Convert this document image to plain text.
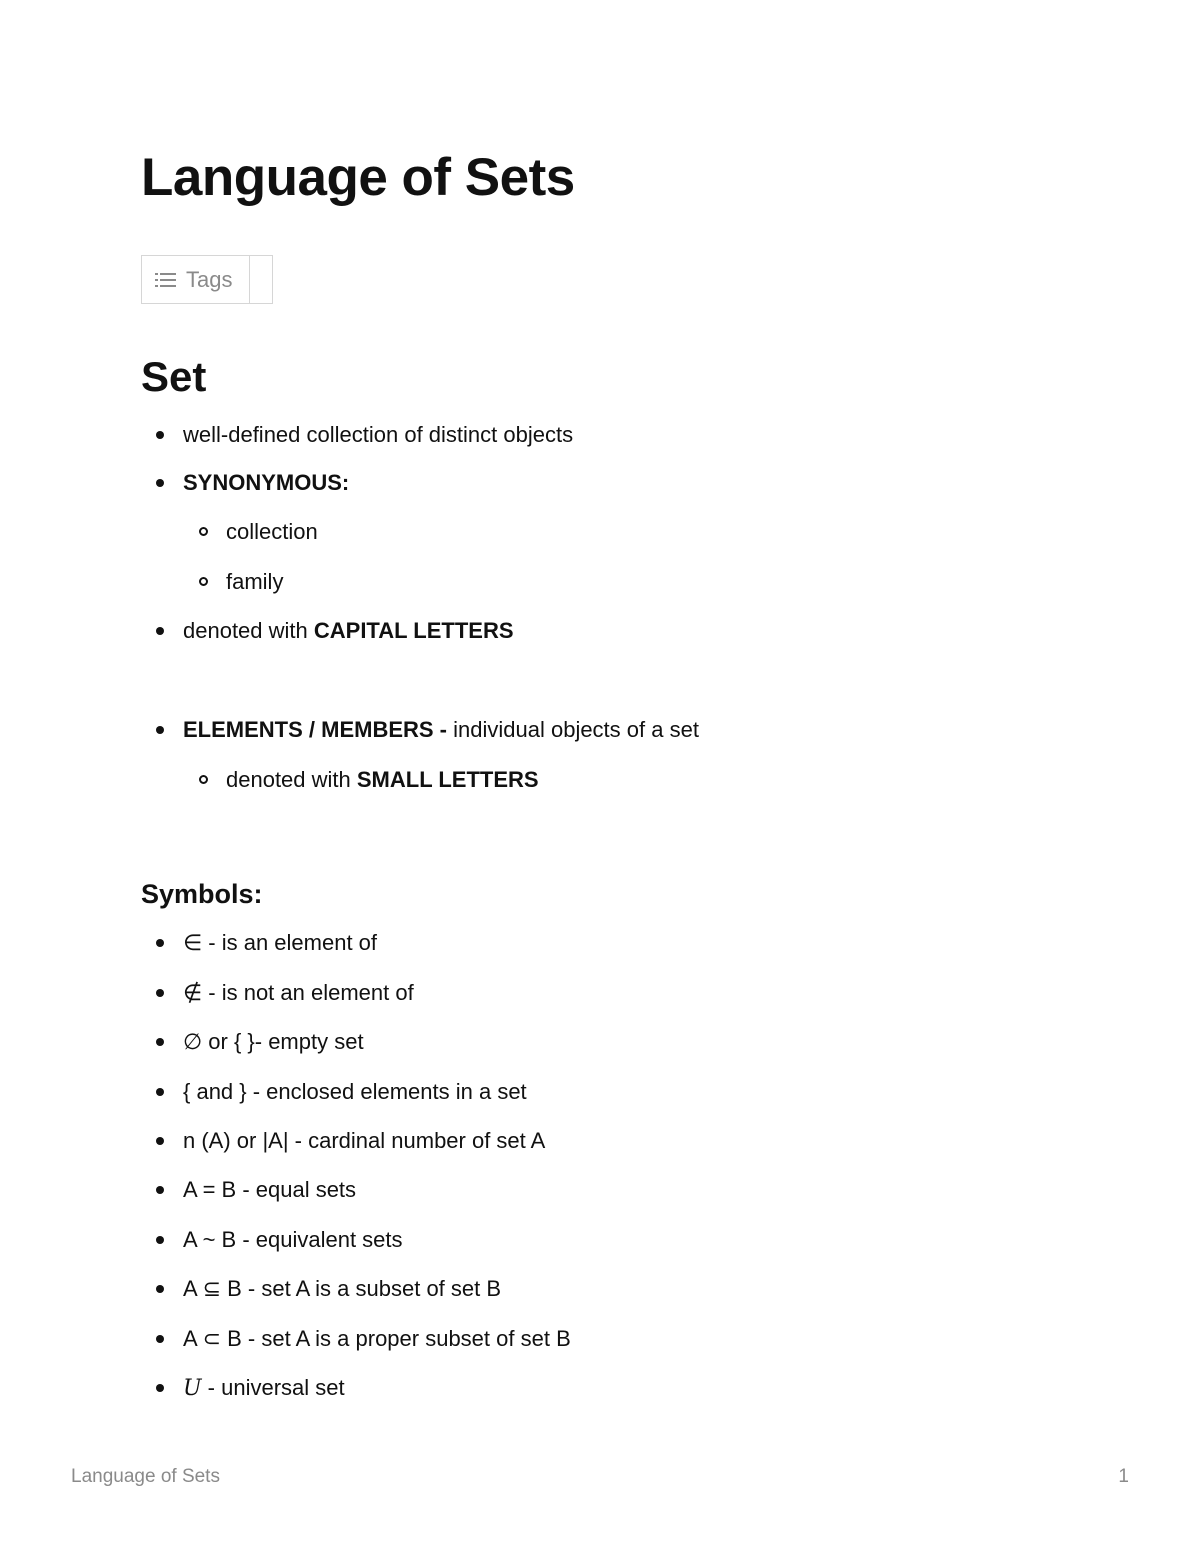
Language of Sets
Tags
Set
well-defined collection of distinct objects
SYNONYMOUS:
collection
family
denoted with CAPITAL LETTERS
ELEMENTS / MEMBERS - individual objects of a set
denoted with SMALL LETTERS
Symbols:
∈ - is an element of
∉ - is not an element of
∅ or { }- empty set
{ and } - enclosed elements in a set
n (A) or |A| - cardinal number of set A
A = B - equal sets
A ~ B - equivalent sets
A ⊆ B - set A is a subset of set B
A ⊂ B - set A is a proper subset of set B
U - universal set
Language of Sets	1
